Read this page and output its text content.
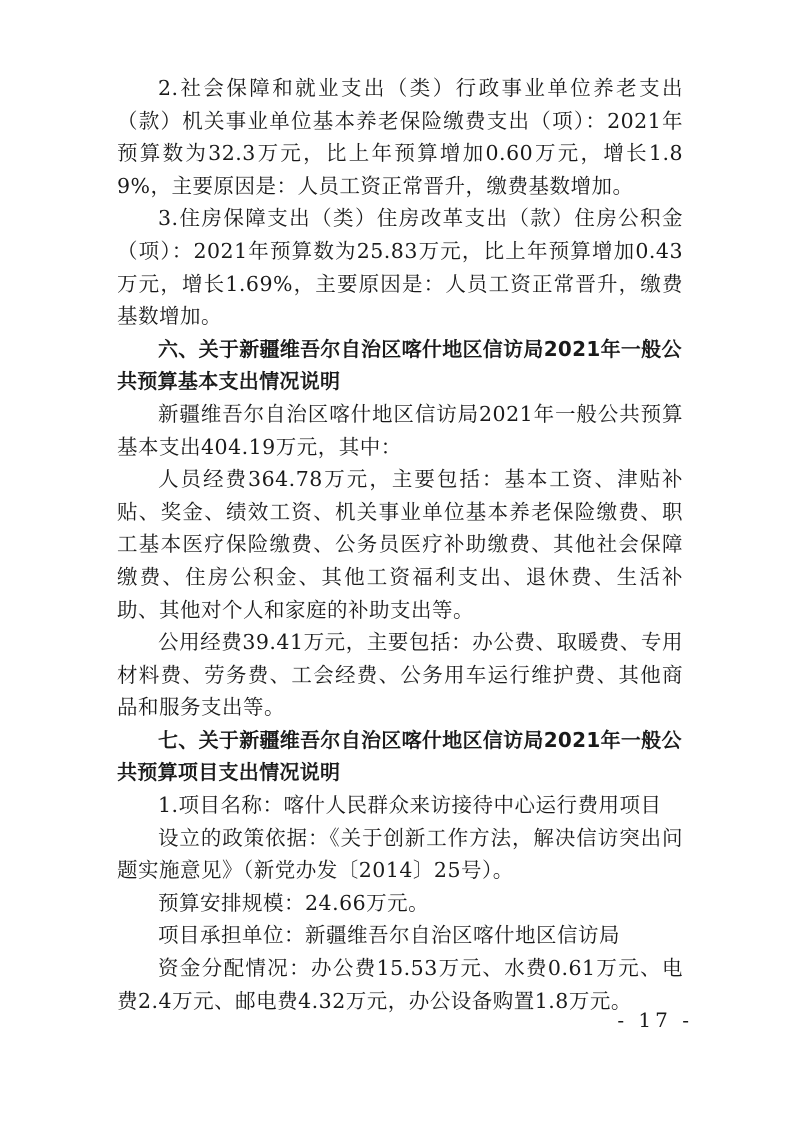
2.社会保障和就业支出（类）行政事业单位养老支出（款）机关事业单位基本养老保险缴费支出（项）：2021年预算数为32.3万元，比上年预算增加0.60万元，增长1.89%，主要原因是：人员工资正常晋升，缴费基数增加。

3.住房保障支出（类）住房改革支出（款）住房公积金（项）：2021年预算数为25.83万元，比上年预算增加0.43万元，增长1.69%，主要原因是：人员工资正常晋升，缴费基数增加。

六、关于新疆维吾尔自治区喀什地区信访局2021年一般公共预算基本支出情况说明

新疆维吾尔自治区喀什地区信访局2021年一般公共预算基本支出404.19万元，其中：

人员经费364.78万元，主要包括：基本工资、津贴补贴、奖金、绩效工资、机关事业单位基本养老保险缴费、职工基本医疗保险缴费、公务员医疗补助缴费、其他社会保障缴费、住房公积金、其他工资福利支出、退休费、生活补助、其他对个人和家庭的补助支出等。

公用经费39.41万元，主要包括：办公费、取暖费、专用材料费、劳务费、工会经费、公务用车运行维护费、其他商品和服务支出等。

七、关于新疆维吾尔自治区喀什地区信访局2021年一般公共预算项目支出情况说明

1.项目名称：喀什人民群众来访接待中心运行费用项目

设立的政策依据：《关于创新工作方法，解决信访突出问题实施意见》（新党办发〔2014〕25号）。

预算安排规模：24.66万元。

项目承担单位：新疆维吾尔自治区喀什地区信访局

资金分配情况：办公费15.53万元、水费0.61万元、电费2.4万元、邮电费4.32万元，办公设备购置1.8万元。

- 17 -
